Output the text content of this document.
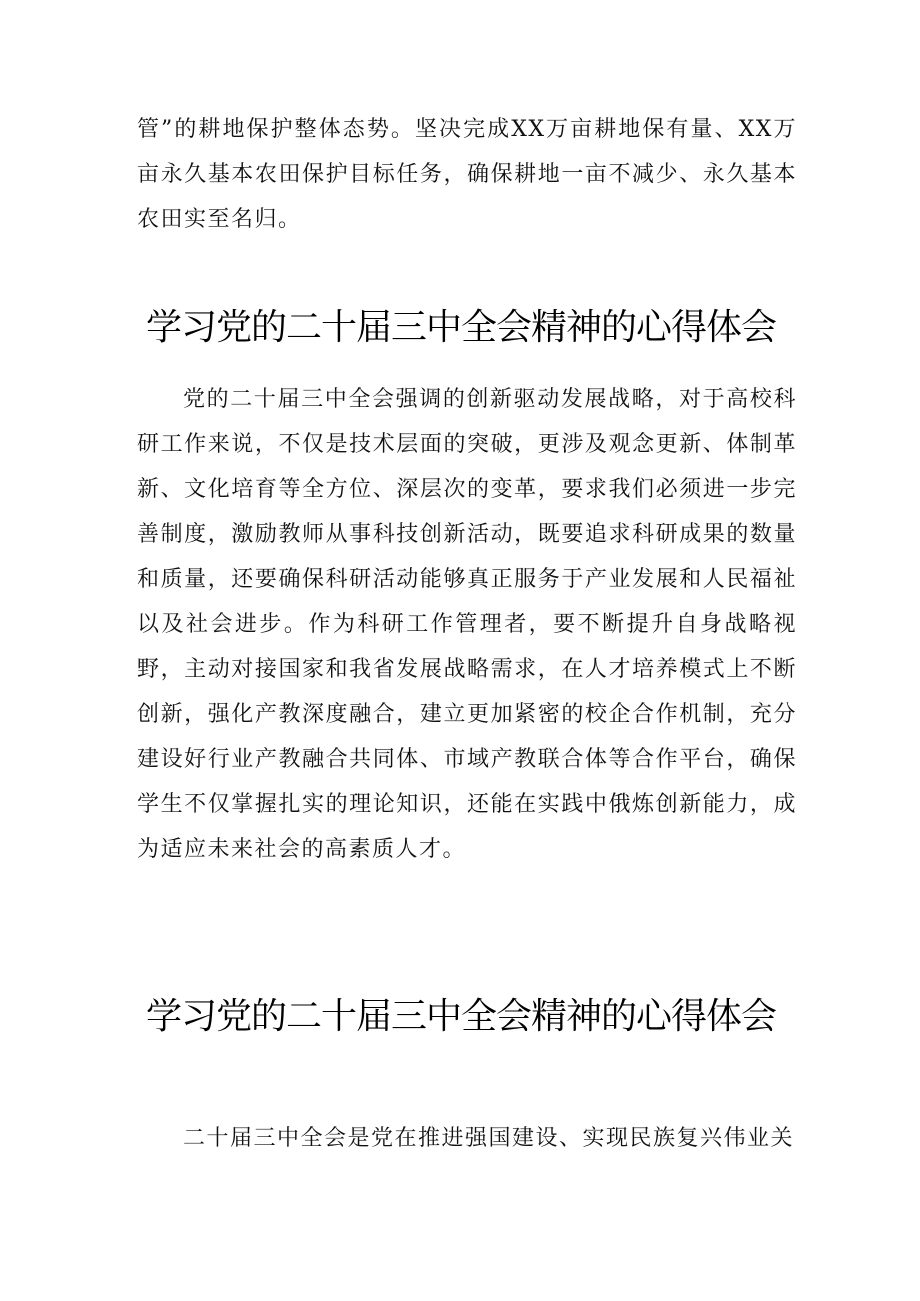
管”的耕地保护整体态势。坚决完成XX万亩耕地保有量、XX万亩永久基本农田保护目标任务，确保耕地一亩不减少、永久基本农田实至名归。

学习党的二十届三中全会精神的心得体会

党的二十届三中全会强调的创新驱动发展战略，对于高校科研工作来说，不仅是技术层面的突破，更涉及观念更新、体制革新、文化培育等全方位、深层次的变革，要求我们必须进一步完善制度，激励教师从事科技创新活动，既要追求科研成果的数量和质量，还要确保科研活动能够真正服务于产业发展和人民福祉以及社会进步。作为科研工作管理者，要不断提升自身战略视野，主动对接国家和我省发展战略需求，在人才培养模式上不断创新，强化产教深度融合，建立更加紧密的校企合作机制，充分建设好行业产教融合共同体、市域产教联合体等合作平台，确保学生不仅掌握扎实的理论知识，还能在实践中俄炼创新能力，成为适应未来社会的高素质人才。

学习党的二十届三中全会精神的心得体会

二十届三中全会是党在推进强国建设、实现民族复兴伟业关
